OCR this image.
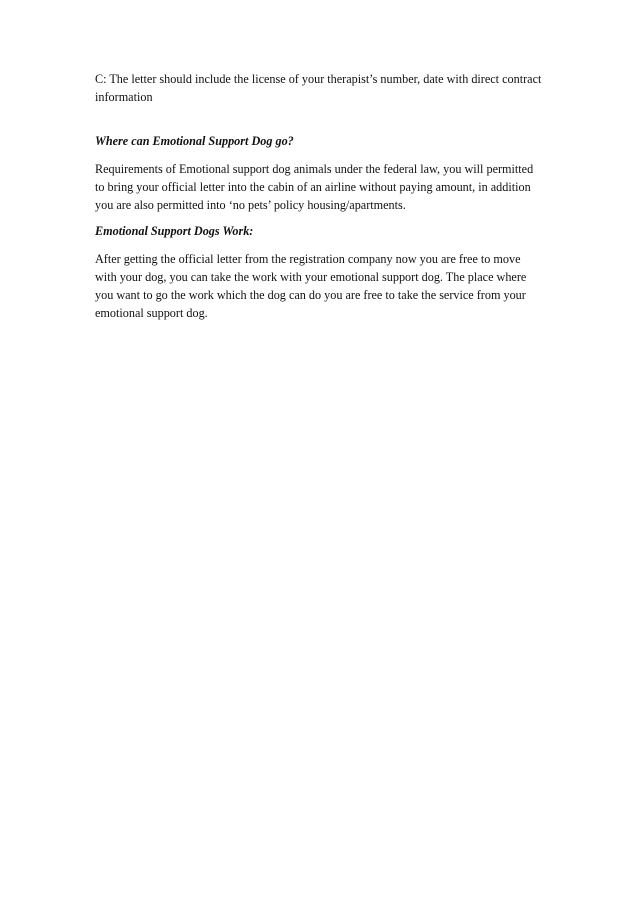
C: The letter should include the license of your therapist’s number, date with direct contract information

Where can Emotional Support Dog go?

Requirements of Emotional support dog animals under the federal law, you will permitted to bring your official letter into the cabin of an airline without paying amount, in addition you are also permitted into ‘no pets’ policy housing/apartments.

Emotional Support Dogs Work:

After getting the official letter from the registration company now you are free to move with your dog, you can take the work with your emotional support dog. The place where you want to go the work which the dog can do you are free to take the service from your emotional support dog.
